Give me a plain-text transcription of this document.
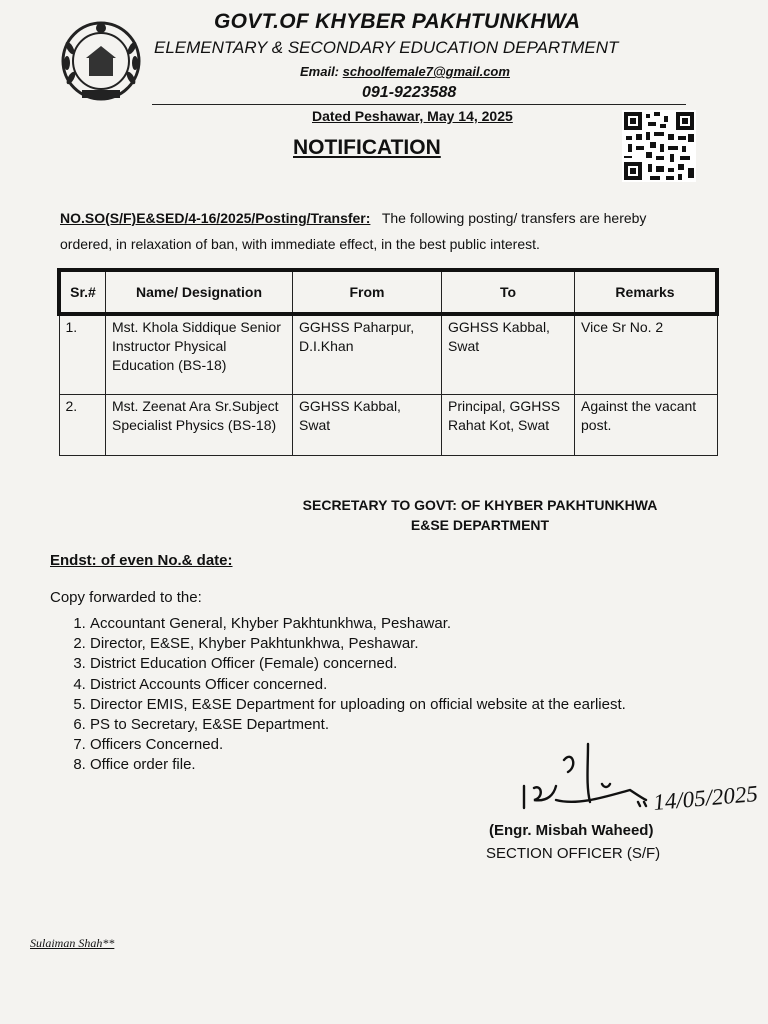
GOVT.OF KHYBER PAKHTUNKHWA
ELEMENTARY & SECONDARY EDUCATION DEPARTMENT
Email: schoolfemale7@gmail.com
091-9223588
Dated Peshawar, May 14, 2025
NOTIFICATION
NO.SO(S/F)E&SED/4-16/2025/Posting/Transfer: The following posting/ transfers are hereby ordered, in relaxation of ban, with immediate effect, in the best public interest.
Sr.#	Name/ Designation	From	To	Remarks
1.	Mst. Khola Siddique Senior Instructor Physical Education (BS-18)	GGHSS Paharpur, D.I.Khan	GGHSS Kabbal, Swat	Vice Sr No. 2
2.	Mst. Zeenat Ara Sr.Subject Specialist Physics (BS-18)	GGHSS Kabbal, Swat	Principal, GGHSS Rahat Kot, Swat	Against the vacant post.
SECRETARY TO GOVT: OF KHYBER PAKHTUNKHWA
E&SE DEPARTMENT
Endst: of even No.& date:
Copy forwarded to the:
1. Accountant General, Khyber Pakhtunkhwa, Peshawar.
2. Director, E&SE, Khyber Pakhtunkhwa, Peshawar.
3. District Education Officer (Female) concerned.
4. District Accounts Officer concerned.
5. Director EMIS, E&SE Department for uploading on official website at the earliest.
6. PS to Secretary, E&SE Department.
7. Officers Concerned.
8. Office order file.
14/05/2025
(Engr. Misbah Waheed)
SECTION OFFICER (S/F)
Sulaiman Shah**
